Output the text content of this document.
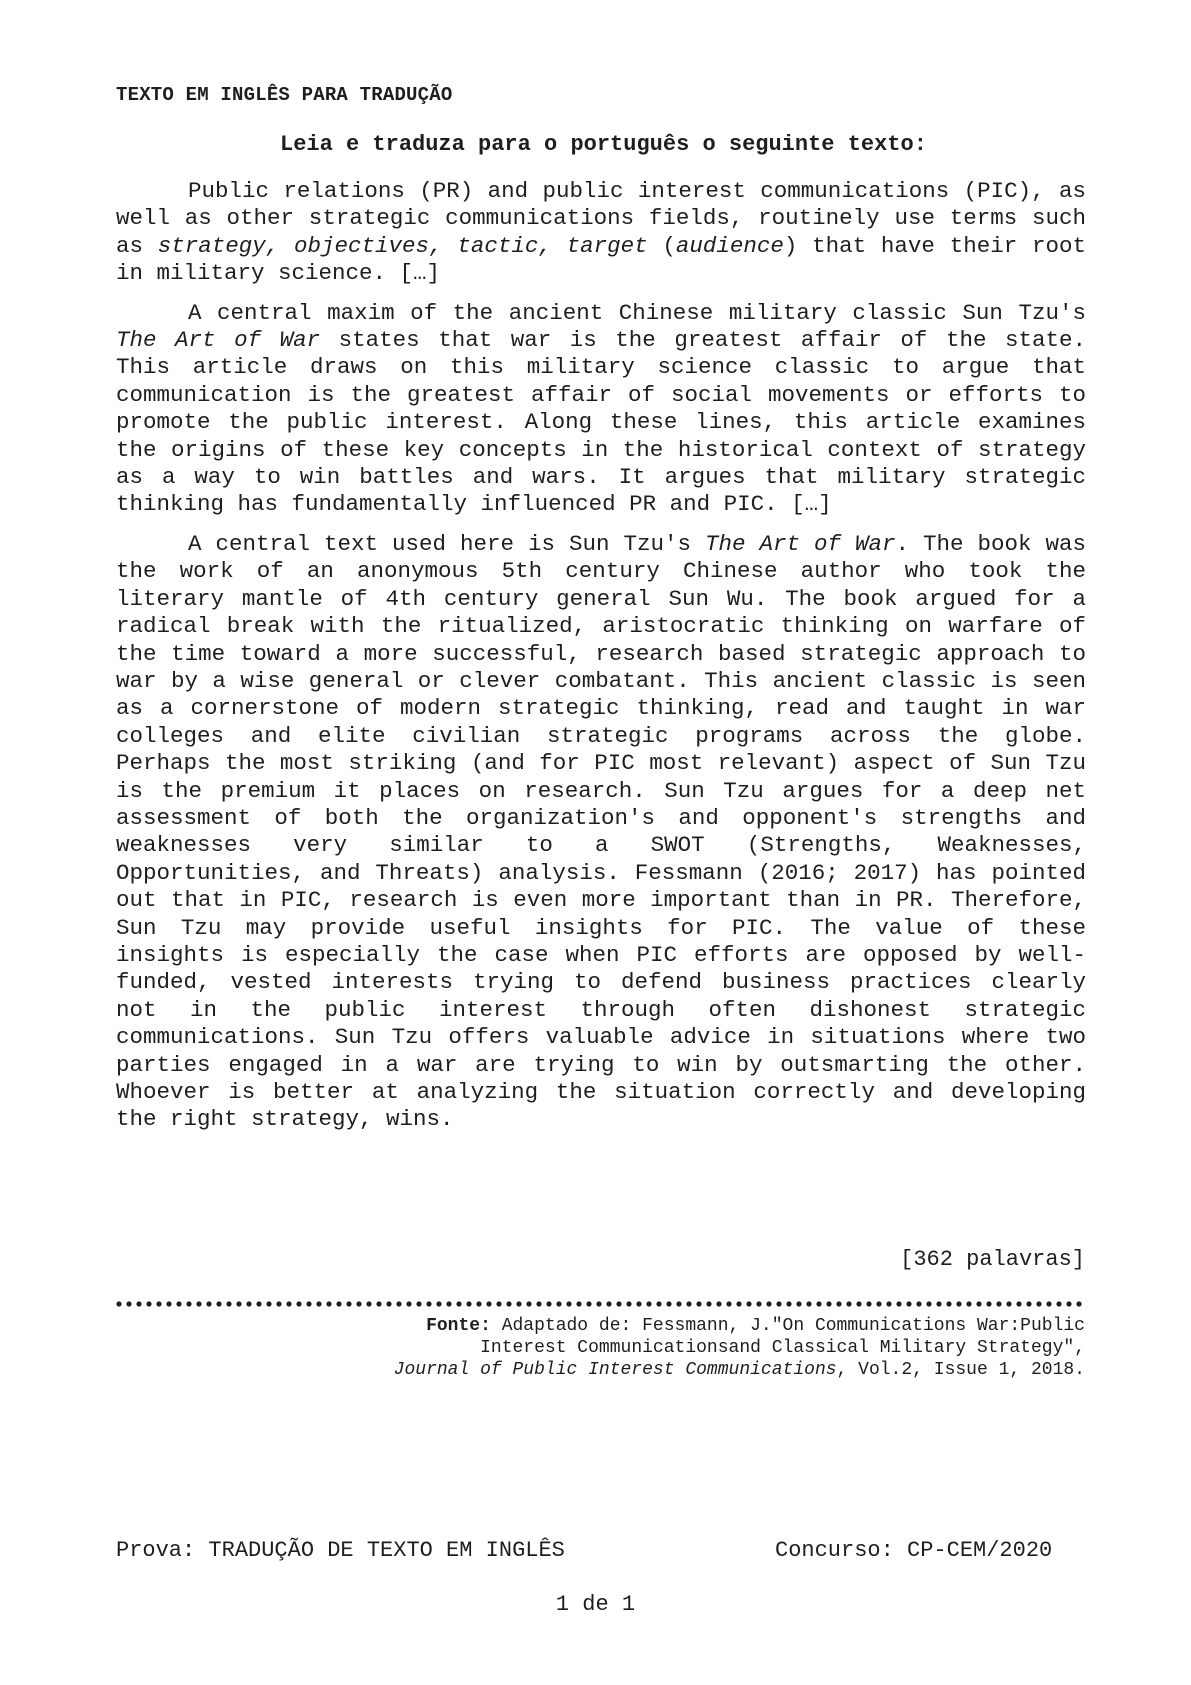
TEXTO EM INGLÊS PARA TRADUÇÃO
Leia e traduza para o português o seguinte texto:

Public relations (PR) and public interest communications (PIC), as well as other strategic communications fields, routinely use terms such as strategy, objectives, tactic, target (audience) that have their root in military science. […]

A central maxim of the ancient Chinese military classic Sun Tzu's The Art of War states that war is the greatest affair of the state. This article draws on this military science classic to argue that communication is the greatest affair of social movements or efforts to promote the public interest. Along these lines, this article examines the origins of these key concepts in the historical context of strategy as a way to win battles and wars. It argues that military strategic thinking has fundamentally influenced PR and PIC. […]

A central text used here is Sun Tzu's The Art of War. The book was the work of an anonymous 5th century Chinese author who took the literary mantle of 4th century general Sun Wu. The book argued for a radical break with the ritualized, aristocratic thinking on warfare of the time toward a more successful, research based strategic approach to war by a wise general or clever combatant. This ancient classic is seen as a cornerstone of modern strategic thinking, read and taught in war colleges and elite civilian strategic programs across the globe. Perhaps the most striking (and for PIC most relevant) aspect of Sun Tzu is the premium it places on research. Sun Tzu argues for a deep net assessment of both the organization's and opponent's strengths and weaknesses very similar to a SWOT (Strengths, Weaknesses, Opportunities, and Threats) analysis. Fessmann (2016; 2017) has pointed out that in PIC, research is even more important than in PR. Therefore, Sun Tzu may provide useful insights for PIC. The value of these insights is especially the case when PIC efforts are opposed by well-funded, vested interests trying to defend business practices clearly not in the public interest through often dishonest strategic communications. Sun Tzu offers valuable advice in situations where two parties engaged in a war are trying to win by outsmarting the other. Whoever is better at analyzing the situation correctly and developing the right strategy, wins.

[362 palavras]
Fonte: Adaptado de: Fessmann, J."On Communications War:Public
Interest Communicationsand Classical Military Strategy",
Journal of Public Interest Communications, Vol.2, Issue 1, 2018.
Prova: TRADUÇÃO DE TEXTO EM INGLÊS	Concurso: CP-CEM/2020
1 de 1
